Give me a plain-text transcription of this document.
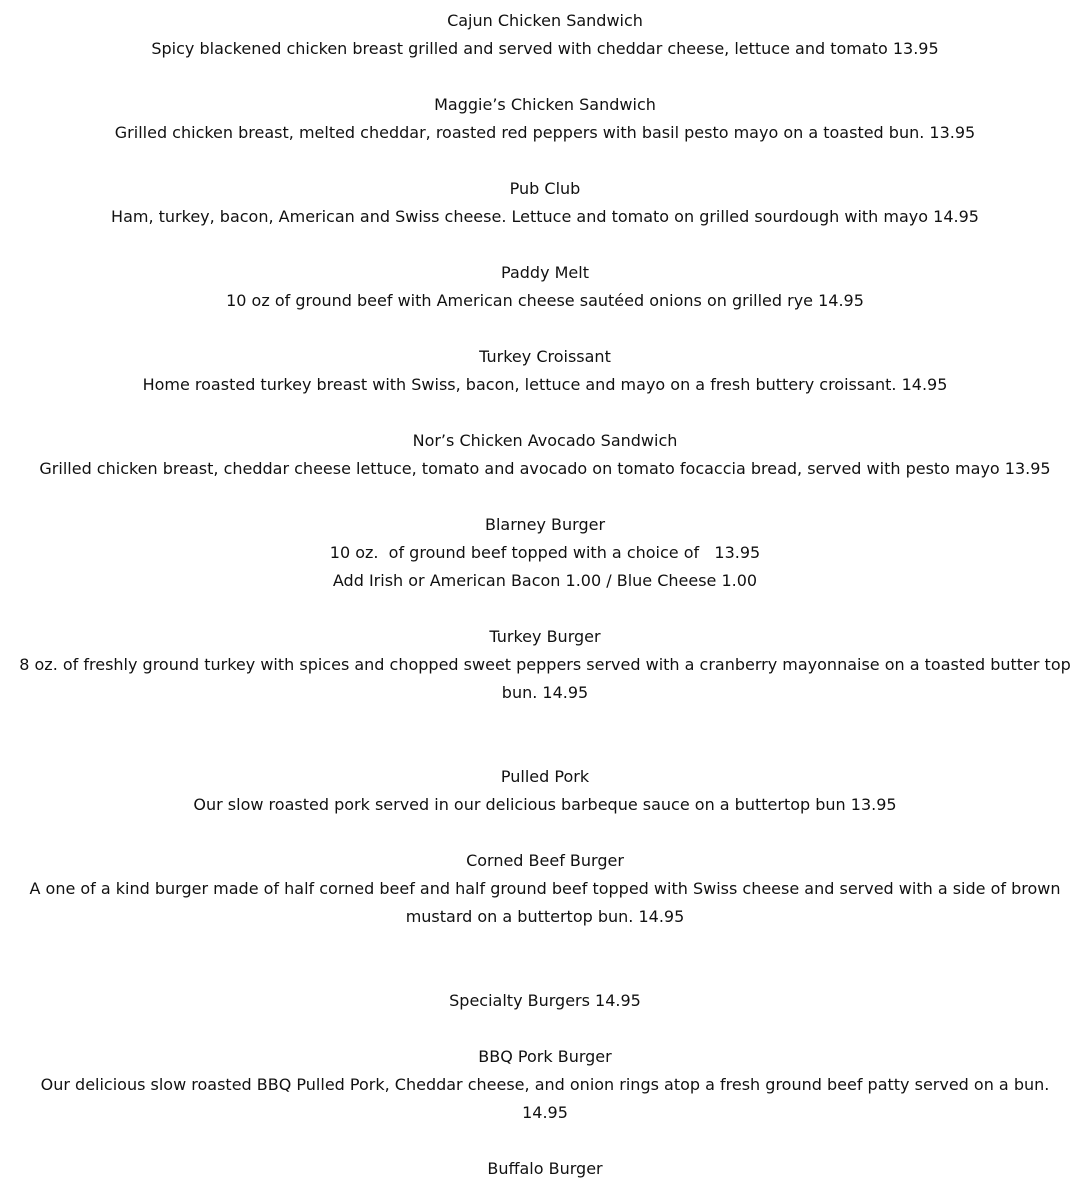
Cajun Chicken Sandwich

Spicy blackened chicken breast grilled and served with cheddar cheese, lettuce and tomato 13.95

Maggie’s Chicken Sandwich

Grilled chicken breast, melted cheddar, roasted red peppers with basil pesto mayo on a toasted bun. 13.95

Pub Club

Ham, turkey, bacon, American and Swiss cheese. Lettuce and tomato on grilled sourdough with mayo 14.95

Paddy Melt

10 oz of ground beef with American cheese sautéed onions on grilled rye 14.95

Turkey Croissant

Home roasted turkey breast with Swiss, bacon, lettuce and mayo on a fresh buttery croissant. 14.95

Nor’s Chicken Avocado Sandwich

Grilled chicken breast, cheddar cheese lettuce, tomato and avocado on tomato focaccia bread, served with pesto mayo 13.95

Blarney Burger

10 oz.  of ground beef topped with a choice of   13.95

Add Irish or American Bacon 1.00 / Blue Cheese 1.00

Turkey Burger

8 oz. of freshly ground turkey with spices and chopped sweet peppers served with a cranberry mayonnaise on a toasted butter top bun. 14.95

Pulled Pork

Our slow roasted pork served in our delicious barbeque sauce on a buttertop bun 13.95

Corned Beef Burger

A one of a kind burger made of half corned beef and half ground beef topped with Swiss cheese and served with a side of brown mustard on a buttertop bun. 14.95

Specialty Burgers 14.95

BBQ Pork Burger

Our delicious slow roasted BBQ Pulled Pork, Cheddar cheese, and onion rings atop a fresh ground beef patty served on a bun. 14.95

Buffalo Burger
